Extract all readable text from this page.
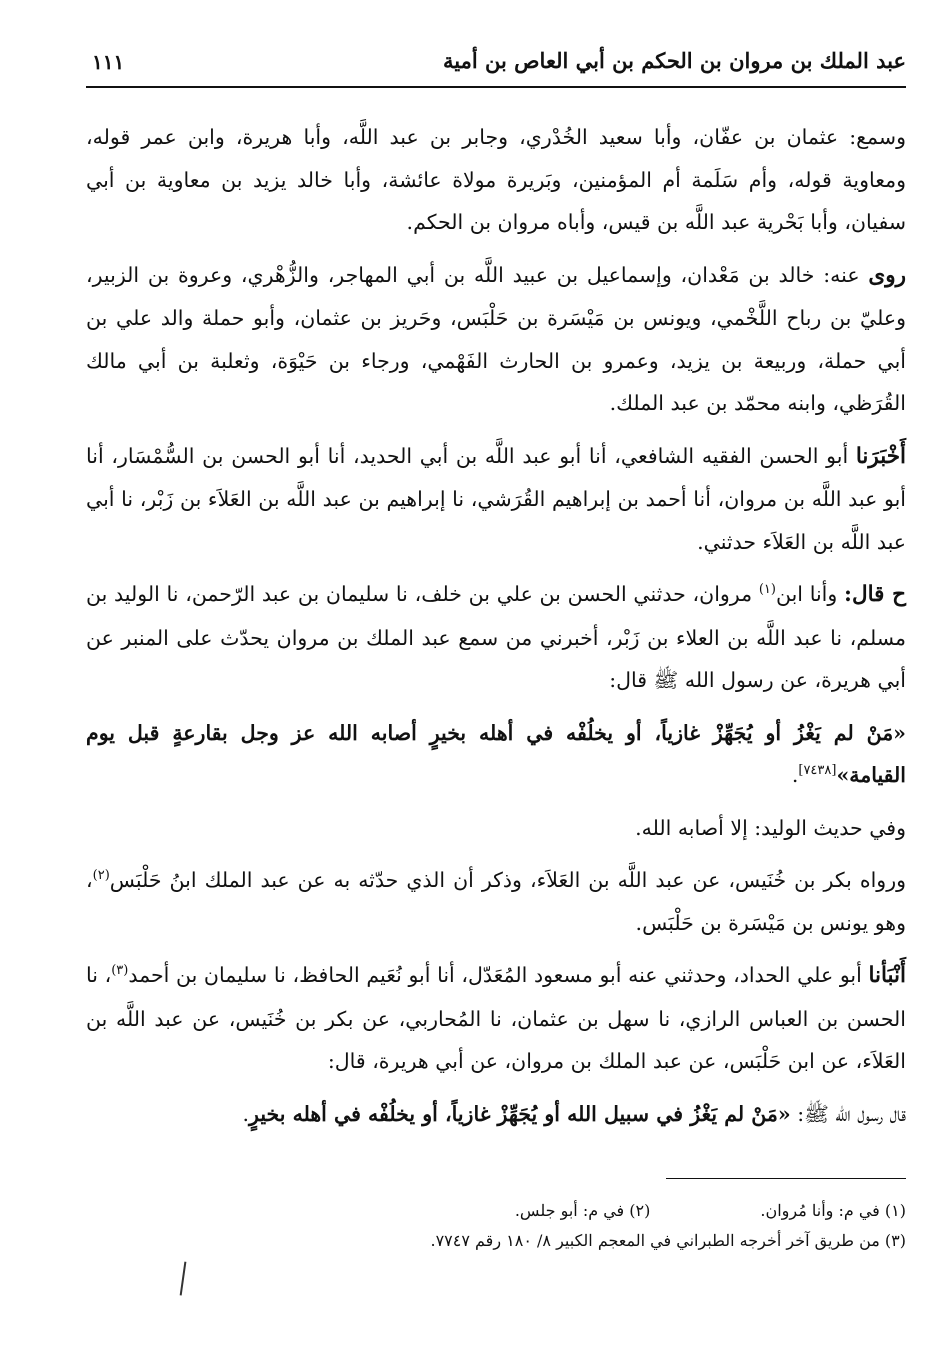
عبد الملك بن مروان بن الحكم بن أبي العاص بن أمية
١١١

وسمع: عثمان بن عفّان، وأبا سعيد الخُدْري، وجابر بن عبد اللَّه، وأبا هريرة، وابن عمر قوله، ومعاوية قوله، وأم سَلَمة أم المؤمنين، وبَريرة مولاة عائشة، وأبا خالد يزيد بن معاوية بن أبي سفيان، وأبا بَحْرية عبد اللَّه بن قيس، وأباه مروان بن الحكم.

روى عنه: خالد بن مَعْدان، وإسماعيل بن عبيد اللَّه بن أبي المهاجر، والزُّهْري، وعروة بن الزبير، وعليّ بن رباح اللَّخْمي، ويونس بن مَيْسَرة بن حَلْبَس، وحَريز بن عثمان، وأبو حملة والد علي بن أبي حملة، وربيعة بن يزيد، وعمرو بن الحارث الفَهْمي، ورجاء بن حَيْوَة، وثعلبة بن أبي مالك القُرَظي، وابنه محمّد بن عبد الملك.

أَخْبَرَنا أبو الحسن الفقيه الشافعي، أنا أبو عبد اللَّه بن أبي الحديد، أنا أبو الحسن بن السُّمْسَار، أنا أبو عبد اللَّه بن مروان، أنا أحمد بن إبراهيم القُرَشي، نا إبراهيم بن عبد اللَّه بن العَلاَء بن زَبْر، نا أبي عبد اللَّه بن العَلاَء حدثني.

ح قال: وأنا ابن$^{(١)}$ مروان، حدثني الحسن بن علي بن خلف، نا سليمان بن عبد الرّحمن، نا الوليد بن مسلم، نا عبد اللَّه بن العلاء بن زَبْر، أخبرني من سمع عبد الملك بن مروان يحدّث على المنبر عن أبي هريرة، عن رسول الله ﷺ قال:

«مَنْ لم يَغْزُ أو يُجَهِّزْ غازياً، أو يخلُفْه في أهله بخيرٍ أصابه الله عز وجل بقارعةٍ قبل يوم القيامة»[٧٤٣٨].

وفي حديث الوليد: إلا أصابه الله.

ورواه بكر بن خُنَيس، عن عبد اللَّه بن العَلاَء، وذكر أن الذي حدّثه به عن عبد الملك ابنُ حَلْبَس$^{(٢)}$، وهو يونس بن مَيْسَرة بن حَلْبَس.

أَنْبَأنا أبو علي الحداد، وحدثني عنه أبو مسعود المُعَدّل، أنا أبو نُعَيم الحافظ، نا سليمان بن أحمد$^{(٣)}$، نا الحسن بن العباس الرازي، نا سهل بن عثمان، نا المُحاربي، عن بكر بن خُنَيس، عن عبد اللَّه بن العَلاَء، عن ابن حَلْبَس، عن عبد الملك بن مروان، عن أبي هريرة، قال:

قال رسول الله ﷺ: «مَنْ لم يَغْزُ في سبيل الله أو يُجَهِّزْ غازياً، أو يخلُفْه في أهله بخيرٍ.

(١) في م: وأنا مُروان.(٢) في م: أبو جلس.
(٣) من طريق آخر أخرجه الطبراني في المعجم الكبير ٨/ ١٨٠ رقم ٧٧٤٧.
